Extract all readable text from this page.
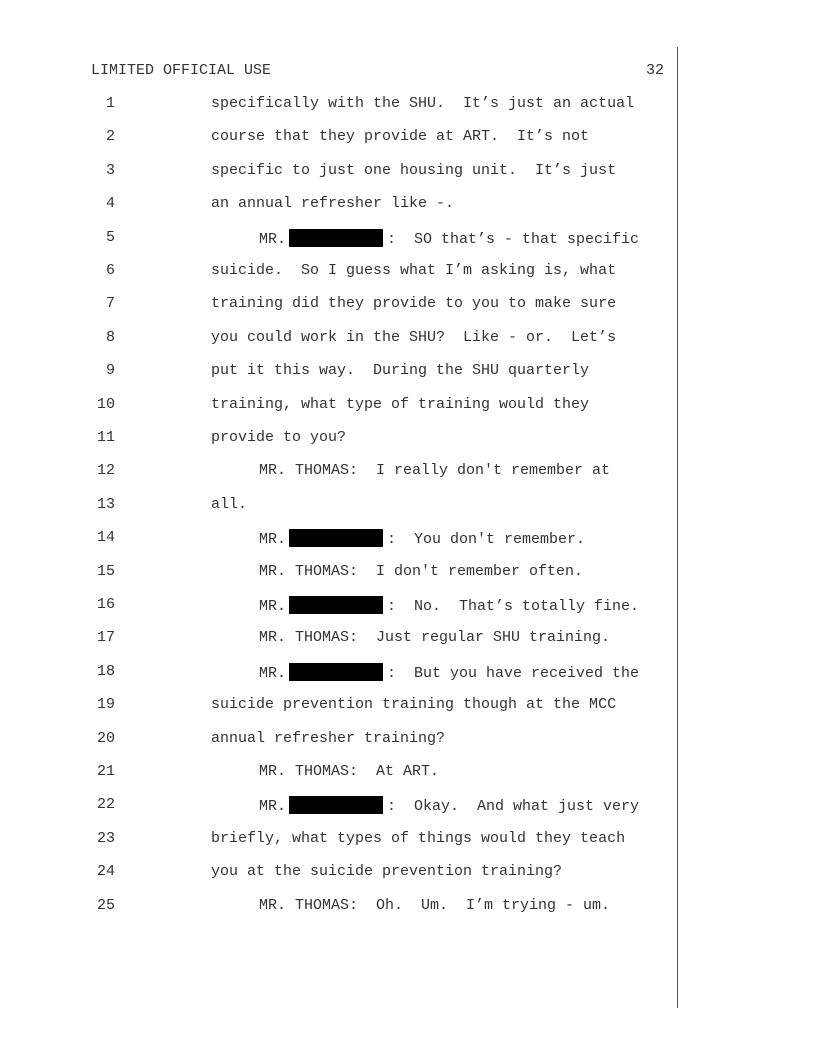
LIMITED OFFICIAL USE	32
1	specifically with the SHU.  It’s just an actual
2	course that they provide at ART.  It’s not
3	specific to just one housing unit.  It’s just
4	an annual refresher like -.
5	MR.	:  SO that’s - that specific
6	suicide.  So I guess what I’m asking is, what
7	training did they provide to you to make sure
8	you could work in the SHU?  Like - or.  Let’s
9	put it this way.  During the SHU quarterly
10	training, what type of training would they
11	provide to you?
12	MR. THOMAS:  I really don't remember at
13	all.
14	MR.	:  You don't remember.
15	MR. THOMAS:  I don't remember often.
16	MR.	:  No.  That’s totally fine.
17	MR. THOMAS:  Just regular SHU training.
18	MR.	:  But you have received the
19	suicide prevention training though at the MCC
20	annual refresher training?
21	MR. THOMAS:  At ART.
22	MR.	:  Okay.  And what just very
23	briefly, what types of things would they teach
24	you at the suicide prevention training?
25	MR. THOMAS:  Oh.  Um.  I’m trying - um.
